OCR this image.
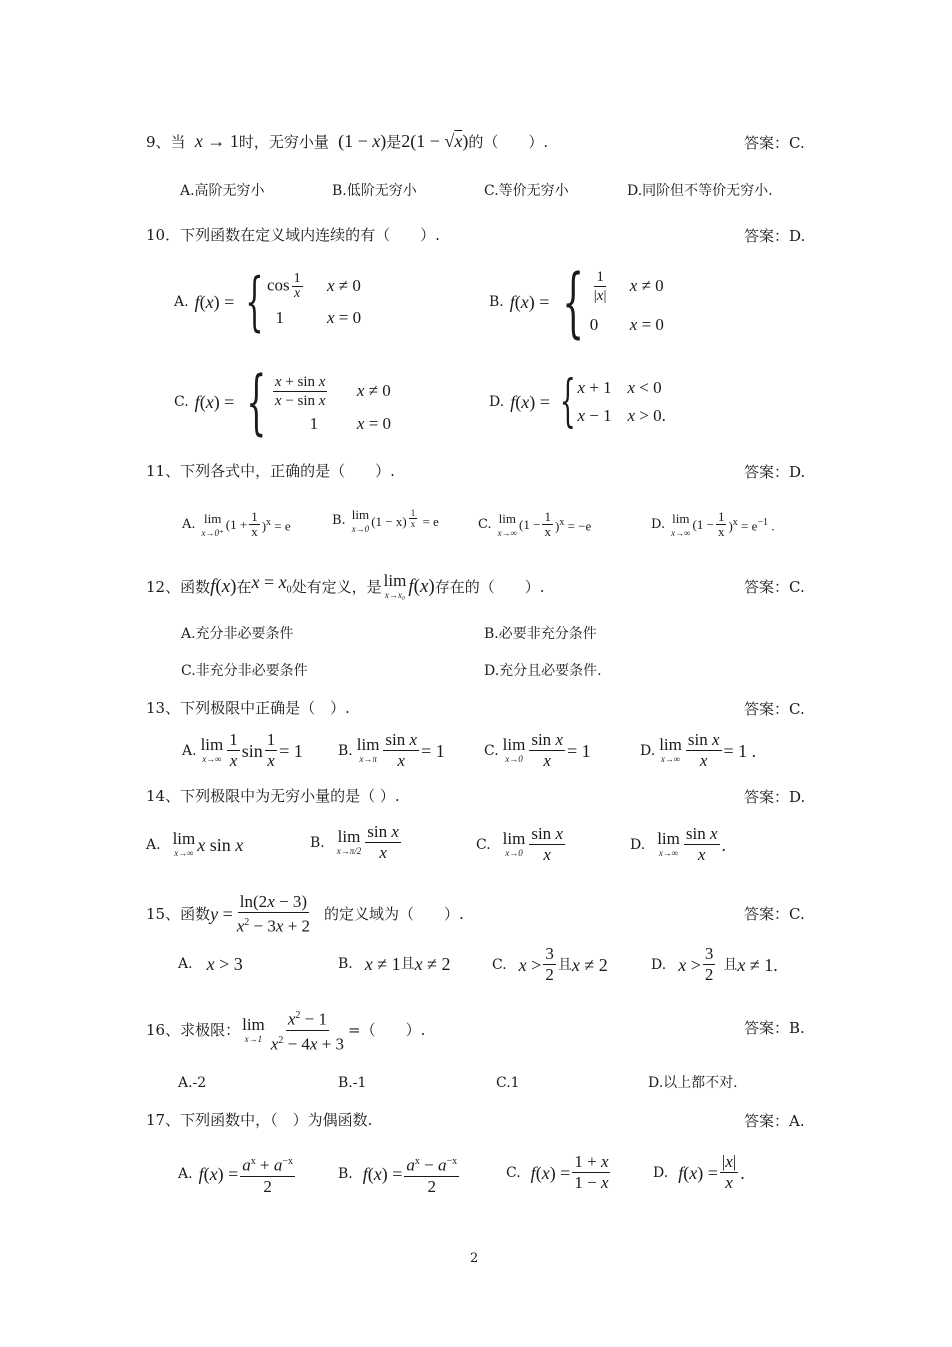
9、当  x → 1时，无穷小量  (1 − x)是2(1 − √x)的（　　）.	答案：C.
A.高阶无穷小	B.低阶无穷小	C.等价无穷小	D.同阶但不等价无穷小.
10．下列函数在定义域内连续的有（　　）.	答案：D.
A. f(x) = { $\cos \frac{1}{x}$ x ≠ 0
1	x = 0
B. f(x) = { $\frac{1}{|x|}$ x ≠ 0
0	x = 0
C. f(x) = { $\frac{\text{x + sin x}}{\text{x − sin x}}$ x ≠ 0
1	x = 0
D. f(x) = { x + 1 x < 0
x − 1 x > 0.
11、下列各式中，正确的是（　　）.	答案：D.
A. lim
x→0⁺
$(1 + \frac{1}{x} )^x = e$	B. lim
x→0 (1 − x) $^{\frac{1}{x}}$ = e	C. lim
x→∞
$(1 - \frac{1}{x} )^x = -e$	D. lim
x→∞
$(1 - \frac{1}{x} )^x = e^{-1}$ .
12、函数 f(x) 在 $x = x_0$ 处有定义，是 lim
x→x₀ f(x) 存在的（　　）.	答案：C.
A.充分非必要条件	B.必要非充分条件
C.非充分非必要条件	D.充分且必要条件.
13、下列极限中正确是（　）.	答案：C.
A. lim
$x\to\infty \frac{1}{x}$ $\sin \frac{1}{x} = 1$	B. lim
$x\to\pi \frac{\text{sin x}}{x} = 1$	C. lim
$x\to 0 \frac{\text{sin x}}{x} = 1$	D. lim
$x\to\infty \frac{\text{sin x}}{x} = 1$ .
14、下列极限中为无穷小量的是（ ）.	答案：D.
A. lim
x→∞ x sin x	B. lim
$x\to\pi/2 \frac{\text{sin x}}{x}$	C. lim
$x\to 0 \frac{\text{sin x}}{x}$	D. lim
$x\to\infty \frac{\text{sin x}}{x}$ .
15、函数 $y = \frac{\ln(2x - 3)}{x^2 - 3x + 2}$ 的定义域为（　　）.	答案：C.
A. x > 3	B. x ≠ 1 且 x ≠ 2	C. $x > \frac{3}{2}$ 且 x ≠ 2	D. $x > \frac{3}{2}$ 且 x ≠ 1.
16、求极限： lim
$x\to 1 \frac{x^2 - 1}{x^2 - 4x + 3}$ =（　　）.	答案：B.
A.-2	B.-1	C.1	D.以上都不对.
17、下列函数中，（　）为偶函数.	答案：A.
A. $f(x) = \frac{a^x + a^{-x}}{2}$	B. $f(x) = \frac{a^x - a^{-x}}{2}$	C. $f(x) = \frac{1 + x}{1 - x}$	D. $f(x) = \frac{|x|}{x}$ .
2
